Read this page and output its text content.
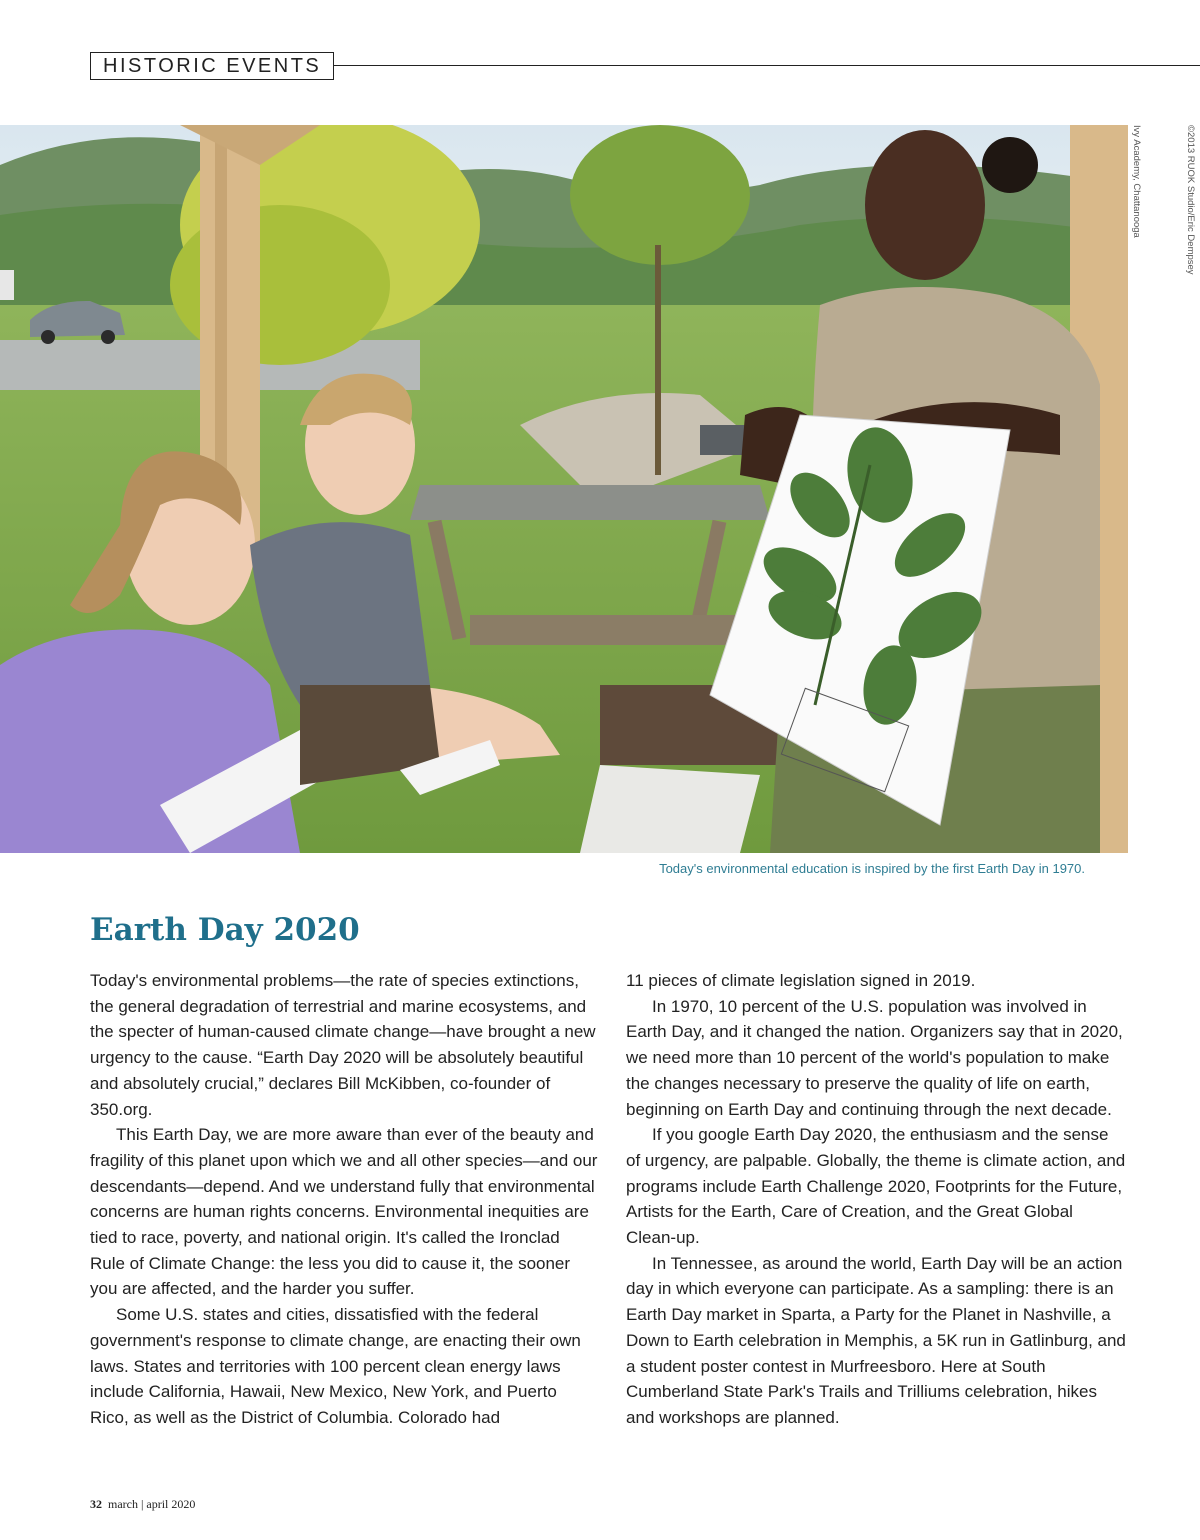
HISTORIC EVENTS
Ivy Academy, Chattanooga	©2013 RUOK Studio/Eric Dempsey
Today's environmental education is inspired by the first Earth Day in 1970.
Earth Day 2020

Today's environmental problems—the rate of species extinctions, the general degradation of terrestrial and marine ecosystems, and the specter of human-caused climate change—have brought a new urgency to the cause. “Earth Day 2020 will be absolutely beautiful and absolutely crucial,” declares Bill McKibben, co-founder of 350.org.

This Earth Day, we are more aware than ever of the beauty and fragility of this planet upon which we and all other species—and our descendants—depend. And we understand fully that environmental concerns are human rights concerns. Environmental inequities are tied to race, poverty, and national origin. It's called the Ironclad Rule of Climate Change: the less you did to cause it, the sooner you are affected, and the harder you suffer.

Some U.S. states and cities, dissatisfied with the federal government's response to climate change, are enacting their own laws. States and territories with 100 percent clean energy laws include California, Hawaii, New Mexico, New York, and Puerto Rico, as well as the District of Columbia. Colorado had

11 pieces of climate legislation signed in 2019.

In 1970, 10 percent of the U.S. population was involved in Earth Day, and it changed the nation. Organizers say that in 2020, we need more than 10 percent of the world's population to make the changes necessary to preserve the quality of life on earth, beginning on Earth Day and continuing through the next decade.

If you google Earth Day 2020, the enthusiasm and the sense of urgency, are palpable. Globally, the theme is climate action, and programs include Earth Challenge 2020, Footprints for the Future, Artists for the Earth, Care of Creation, and the Great Global Clean-up.

In Tennessee, as around the world, Earth Day will be an action day in which everyone can participate. As a sampling: there is an Earth Day market in Sparta, a Party for the Planet in Nashville, a Down to Earth celebration in Memphis, a 5K run in Gatlinburg, and a student poster contest in Murfreesboro. Here at South Cumberland State Park's Trails and Trilliums celebration, hikes and workshops are planned.

32 march | april 2020
